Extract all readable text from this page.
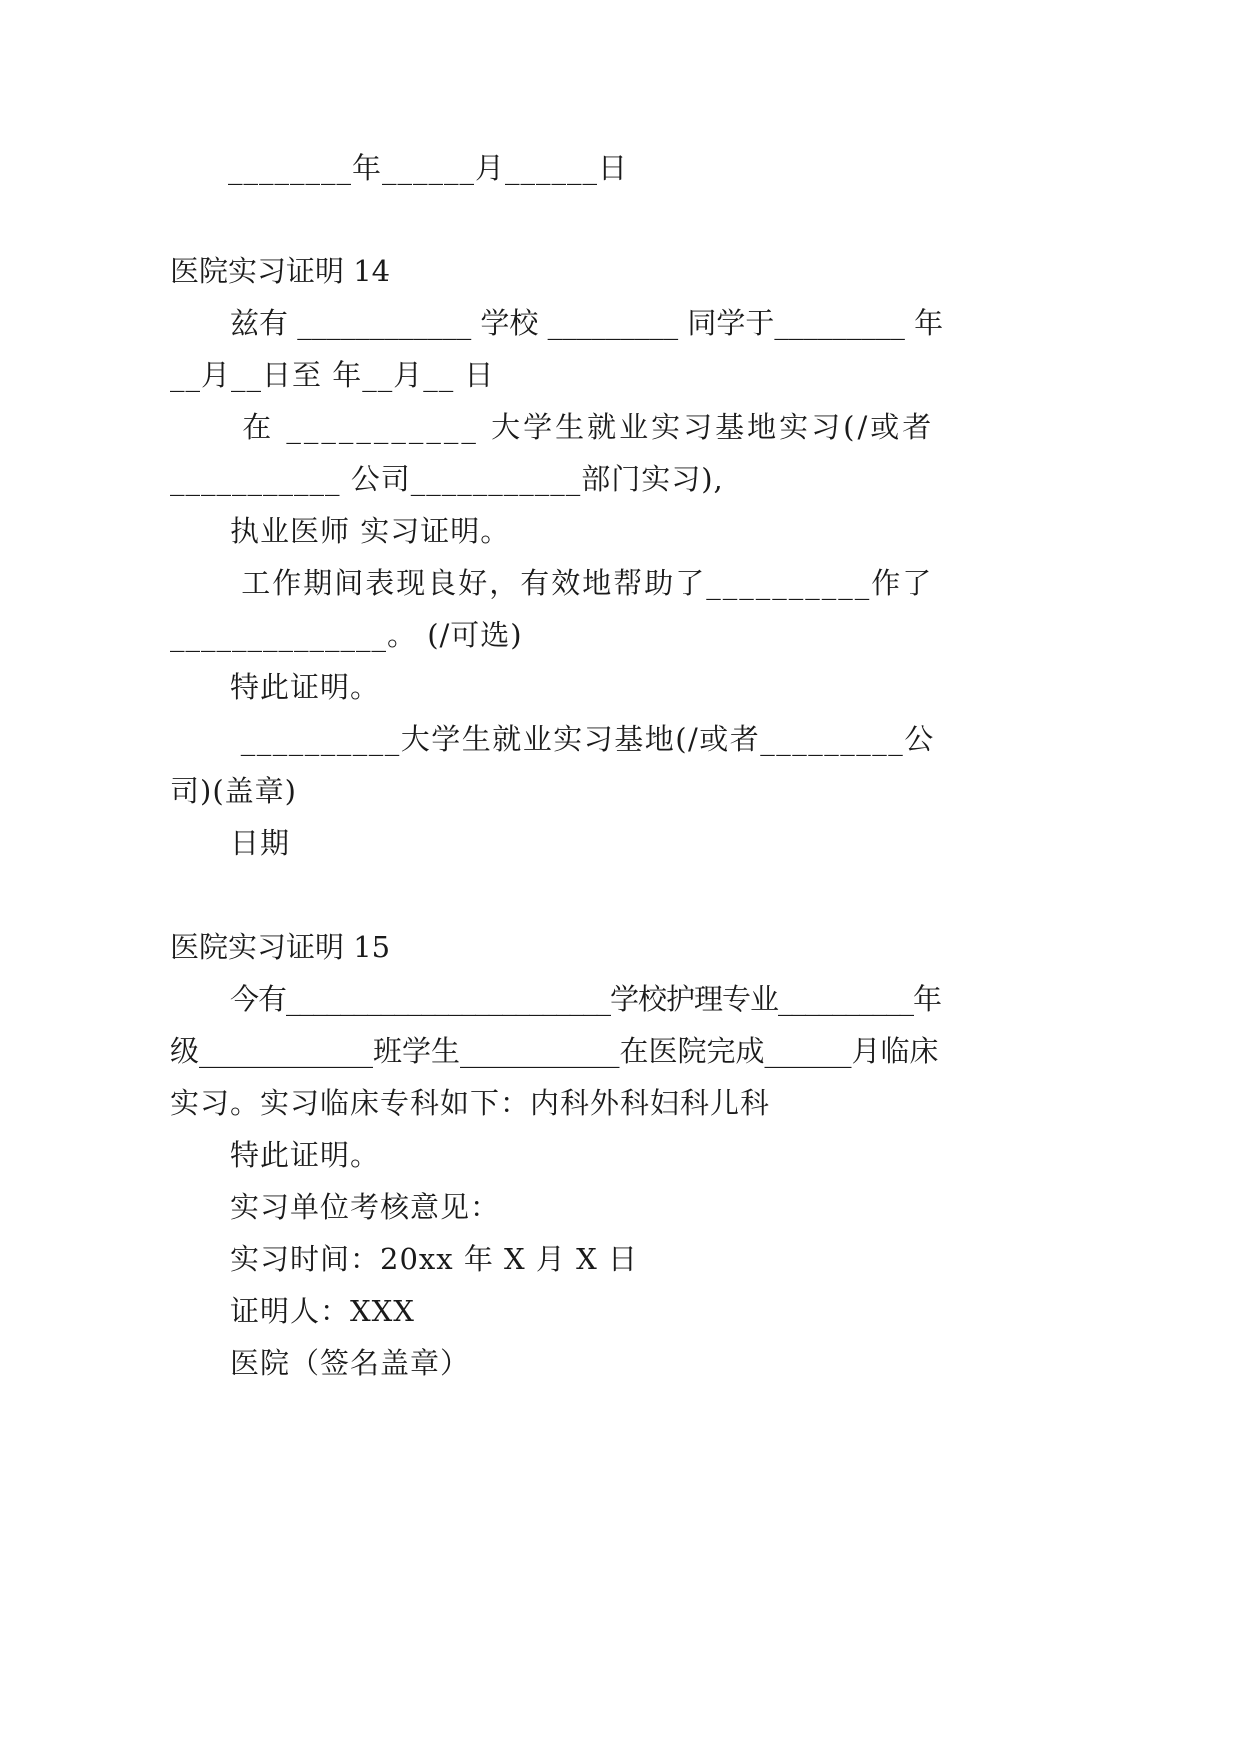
________年______月______日
医院实习证明 14
兹有 ____________ 学校 _________ 同学于_________ 年
__月__日至 年__月__ 日
在 ___________ 大学生就业实习基地实习(/或者
___________ 公司___________部门实习),
执业医师 实习证明。
工作期间表现良好，有效地帮助了__________作了
______________。 (/可选)
特此证明。
__________大学生就业实习基地(/或者_________公
司)(盖章)
日期
医院实习证明 15
今有________________________学校护理专业__________年
级____________班学生___________在医院完成______月临床
实习。实习临床专科如下：内科外科妇科儿科
特此证明。
实习单位考核意见：
实习时间：20xx 年 X 月 X 日
证明人：XXX
医院（签名盖章）
